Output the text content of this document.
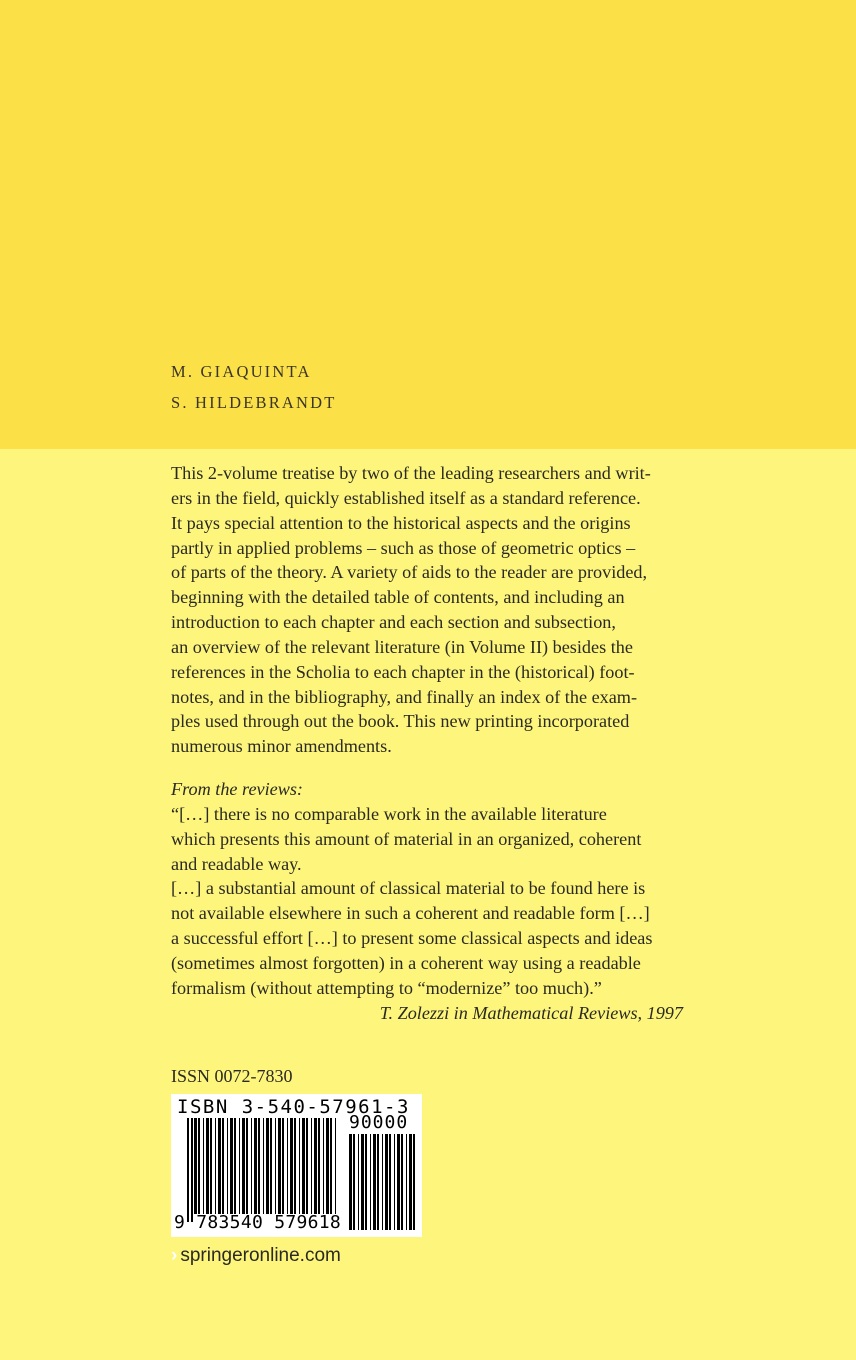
M. GIAQUINTA
S. HILDEBRANDT
This 2-volume treatise by two of the leading researchers and writ-
ers in the field, quickly established itself as a standard reference.
It pays special attention to the historical aspects and the origins
partly in applied problems – such as those of geometric optics –
of parts of the theory. A variety of aids to the reader are provided,
beginning with the detailed table of contents, and including an
introduction to each chapter and each section and subsection,
an overview of the relevant literature (in Volume II) besides the
references in the Scholia to each chapter in the (historical) foot-
notes, and in the bibliography, and finally an index of the exam-
ples used through out the book. This new printing incorporated
numerous minor amendments.
From the reviews:
“[…] there is no comparable work in the available literature
which presents this amount of material in an organized, coherent
and readable way.
[…] a substantial amount of classical material to be found here is
not available elsewhere in such a coherent and readable form […]
a successful effort […] to present some classical aspects and ideas
(sometimes almost forgotten) in a coherent way using a readable
formalism (without attempting to “modernize” too much).”
T. Zolezzi in Mathematical Reviews, 1997
ISSN 0072-7830
ISBN 3-540-57961-3
90000
9 783540 579618
› springeronline.com
